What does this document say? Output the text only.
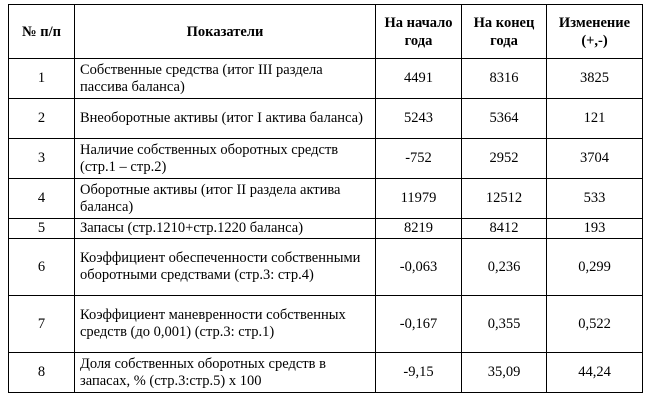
№ п/п	Показатели	На начало года	На конец года	Изменение (+,-)
1	Собственные средства (итог III раздела пассива баланса)	4491	8316	3825
2	Внеоборотные активы (итог I актива баланса)	5243	5364	121
3	Наличие собственных оборотных средств (стр.1 – стр.2)	-752	2952	3704
4	Оборотные активы (итог II раздела актива баланса)	11979	12512	533
5	Запасы (стр.1210+стр.1220 баланса)	8219	8412	193
6	Коэффициент обеспеченности собственными оборотными средствами (стр.3: стр.4)	-0,063	0,236	0,299
7	Коэффициент маневренности собственных средств (до 0,001) (стр.3: стр.1)	-0,167	0,355	0,522
8	Доля собственных оборотных средств в запасах, % (стр.3:стр.5) х 100	-9,15	35,09	44,24
